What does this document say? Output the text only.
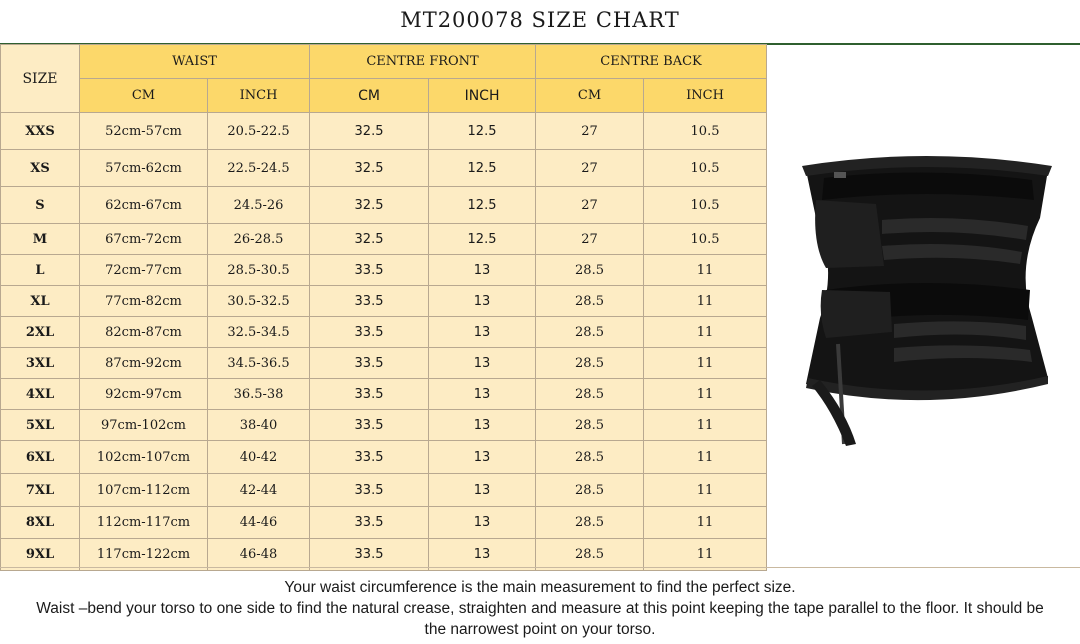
MT200078 SIZE CHART
SIZE	WAIST		CENTRE FRONT		CENTRE BACK	
	CM	INCH	CM	INCH	CM	INCH
XXS	52cm-57cm	20.5-22.5	32.5	12.5	27	10.5
XS	57cm-62cm	22.5-24.5	32.5	12.5	27	10.5
S	62cm-67cm	24.5-26	32.5	12.5	27	10.5
M	67cm-72cm	26-28.5	32.5	12.5	27	10.5
L	72cm-77cm	28.5-30.5	33.5	13	28.5	11
XL	77cm-82cm	30.5-32.5	33.5	13	28.5	11
2XL	82cm-87cm	32.5-34.5	33.5	13	28.5	11
3XL	87cm-92cm	34.5-36.5	33.5	13	28.5	11
4XL	92cm-97cm	36.5-38	33.5	13	28.5	11
5XL	97cm-102cm	38-40	33.5	13	28.5	11
6XL	102cm-107cm	40-42	33.5	13	28.5	11
7XL	107cm-112cm	42-44	33.5	13	28.5	11
8XL	112cm-117cm	44-46	33.5	13	28.5	11
9XL	117cm-122cm	46-48	33.5	13	28.5	11
Your waist circumference is the main measurement to find the perfect size.
Waist –bend your torso to one side to find the natural crease, straighten and measure at this point keeping the tape parallel to the floor. It should be
the narrowest point on your torso.
